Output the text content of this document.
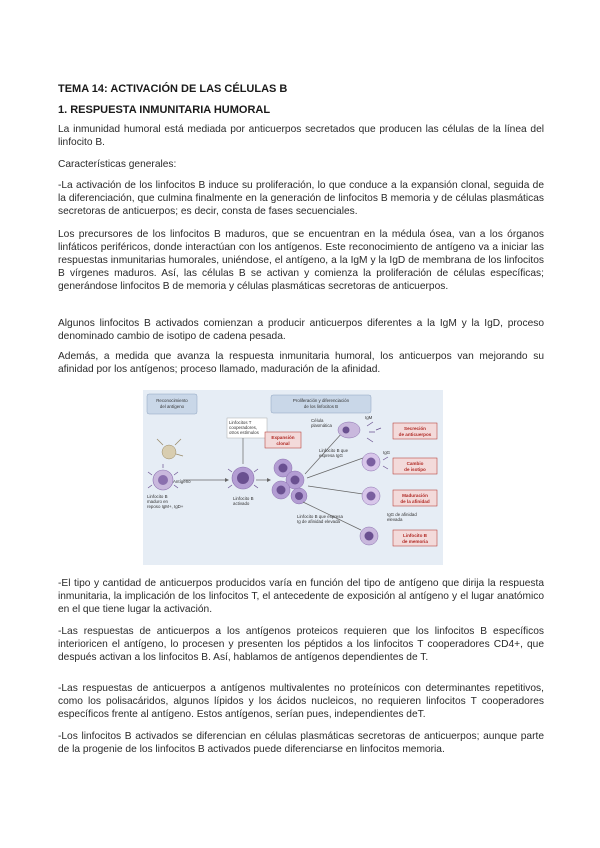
TEMA 14: ACTIVACIÓN DE LAS CÉLULAS B
1. RESPUESTA INMUNITARIA HUMORAL
La inmunidad humoral está mediada por anticuerpos secretados que producen las células de la línea del linfocito B.
Características generales:
-La activación de los linfocitos B induce su proliferación, lo que conduce a la expansión clonal, seguida de la diferenciación, que culmina finalmente en la generación de linfocitos B memoria y de células plasmáticas secretoras de anticuerpos; es decir, consta de fases secuenciales.
Los precursores de los linfocitos B maduros, que se encuentran en la médula ósea, van a los órganos linfáticos periféricos, donde interactúan con los antígenos. Este reconocimiento de antígeno va a iniciar las respuestas inmunitarias humorales, uniéndose, el antígeno, a la IgM y la IgD de membrana de los linfocitos B vírgenes maduros. Así, las células B se activan y comienza la proliferación de células específicas; generándose linfocitos B de memoria y células plasmáticas secretoras de anticuerpos.
Algunos linfocitos B activados comienzan a producir anticuerpos diferentes a la IgM y la IgD, proceso denominado cambio de isotipo de cadena pesada.
Además, a medida que avanza la respuesta inmunitaria humoral, los anticuerpos van mejorando su afinidad por los antígenos; proceso llamado, maduración de la afinidad.
Reconocimiento
del antígeno
Proliferación y diferenciación
de los linfocitos B
Linfocitos T
cooperadores,
otros estímulos
Antígeno
Linfocito B
maduro en
reposo IgM+, IgD+
Linfocito B
activado
Expansión
clonal
Célula
plasmática
IgM
Linfocito B que
expresa IgG
IgG
Linfocito B que expresa
Ig de afinidad elevada
IgG de afinidad
elevada
Secreción
de anticuerpos
Cambio
de isotipo
Maduración
de la afinidad
Linfocito B
de memoria
-El tipo y cantidad de anticuerpos producidos varía en función del tipo de antígeno que dirija la respuesta inmunitaria, la implicación de los linfocitos T, el antecedente de exposición al antígeno y el lugar anatómico en el que tiene lugar la activación.
-Las respuestas de anticuerpos a los antígenos proteicos requieren que los linfocitos B específicos interioricen el antígeno, lo procesen y presenten los péptidos a los linfocitos T cooperadores CD4+, que después activan a los linfocitos B. Así, hablamos de antígenos dependientes de T.
-Las respuestas de anticuerpos a antígenos multivalentes no proteínicos con determinantes repetitivos, como los polisacáridos, algunos lípidos y los ácidos nucleicos, no requieren linfocitos T cooperadores específicos frente al antígeno. Estos antígenos, serían pues, independientes deT.
-Los linfocitos B activados se diferencian en células plasmáticas secretoras de anticuerpos; aunque parte de la progenie de los linfocitos B activados puede diferenciarse en linfocitos memoria.
